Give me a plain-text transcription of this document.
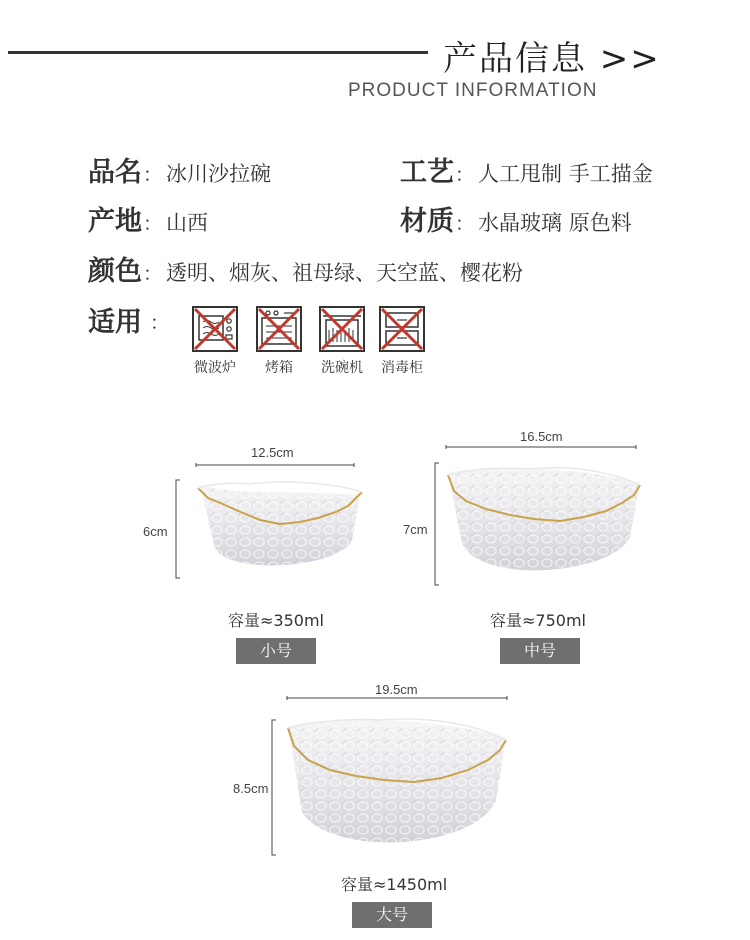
产品信息 >>
PRODUCT INFORMATION
品名 ： 冰川沙拉碗	工艺 ： 人工甩制 手工描金
产地 ： 山西	材质 ： 水晶玻璃 原色料
颜色 ： 透明、烟灰、祖母绿、天空蓝、樱花粉
适用 ：
微波炉	烤箱	洗碗机	消毒柜
12.5cm
6cm
容量≈350ml
小号
16.5cm
7cm
容量≈750ml
中号
19.5cm
8.5cm
容量≈1450ml
大号
